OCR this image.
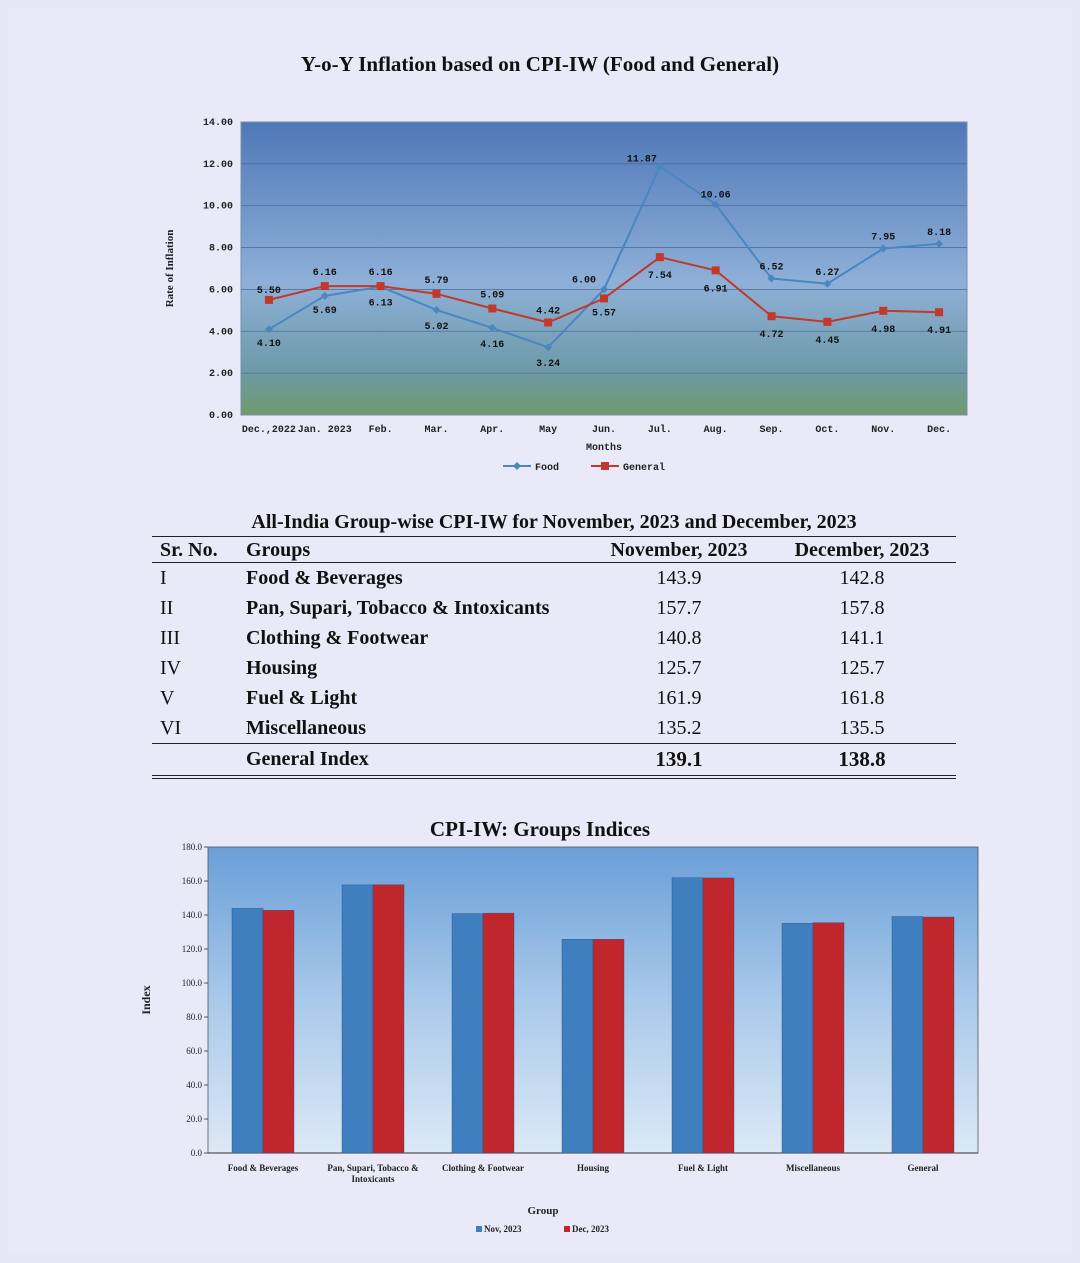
Y-o-Y Inflation based on CPI-IW (Food and General)
0.00
2.00
4.00
6.00
8.00
10.00
12.00
14.00
Dec.,2022 Jan. 2023 Feb.	Mar.	Apr.	May	Jun.	Jul.	Aug.	Sep.	Oct.	Nov.	Dec.
Months
Rate of Inflation
4.10
5.69
6.13
5.02
4.16
3.24
6.00
11.87
10.06
6.52	6.27
7.95	8.18
5.50
6.16	6.16
5.79
5.09
4.42	5.57
7.54
6.91
4.72
4.45
4.98	4.91
Food	General
All-India Group-wise CPI-IW for November, 2023 and December, 2023
Sr. No.	Groups	November, 2023	December, 2023
I	Food & Beverages	143.9	142.8
II	Pan, Supari, Tobacco & Intoxicants	157.7	157.8
III	Clothing & Footwear	140.8	141.1
IV	Housing	125.7	125.7
V	Fuel & Light	161.9	161.8
VI	Miscellaneous	135.2	135.5
	General Index	139.1	138.8
CPI-IW: Groups Indices
0.0
20.0
40.0
60.0
80.0
100.0
120.0
140.0
160.0
180.0
Food & Beverages	Pan, Supari, Tobacco &
Intoxicants
Clothing & Footwear	Housing	Fuel & Light	Miscellaneous	General
Group
Index
Nov, 2023	Dec, 2023
